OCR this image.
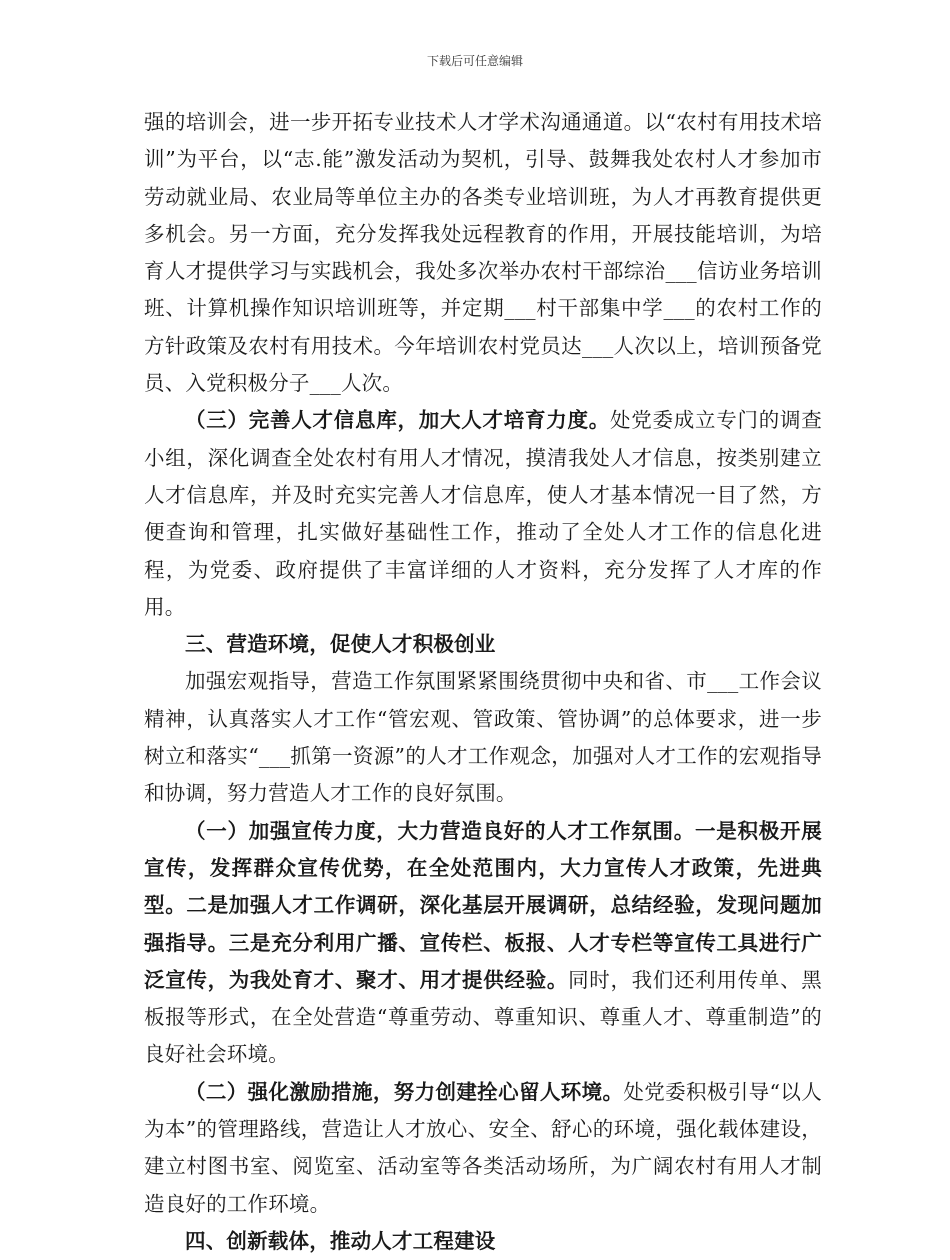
下载后可任意编辑

强的培训会，进一步开拓专业技术人才学术沟通通道。以“农村有用技术培训”为平台，以“志.能”激发活动为契机，引导、鼓舞我处农村人才参加市劳动就业局、农业局等单位主办的各类专业培训班，为人才再教育提供更多机会。另一方面，充分发挥我处远程教育的作用，开展技能培训，为培育人才提供学习与实践机会，我处多次举办农村干部综治___信访业务培训班、计算机操作知识培训班等，并定期___村干部集中学___的农村工作的方针政策及农村有用技术。今年培训农村党员达___人次以上，培训预备党员、入党积极分子___人次。

（三）完善人才信息库，加大人才培育力度。处党委成立专门的调查小组，深化调查全处农村有用人才情况，摸清我处人才信息，按类别建立人才信息库，并及时充实完善人才信息库，使人才基本情况一目了然，方便查询和管理，扎实做好基础性工作，推动了全处人才工作的信息化进程，为党委、政府提供了丰富详细的人才资料，充分发挥了人才库的作用。

三、营造环境，促使人才积极创业

加强宏观指导，营造工作氛围紧紧围绕贯彻中央和省、市___工作会议精神，认真落实人才工作“管宏观、管政策、管协调”的总体要求，进一步树立和落实“___抓第一资源”的人才工作观念，加强对人才工作的宏观指导和协调，努力营造人才工作的良好氛围。

（一）加强宣传力度，大力营造良好的人才工作氛围。一是积极开展宣传，发挥群众宣传优势，在全处范围内，大力宣传人才政策，先进典型。二是加强人才工作调研，深化基层开展调研，总结经验，发现问题加强指导。三是充分利用广播、宣传栏、板报、人才专栏等宣传工具进行广泛宣传，为我处育才、聚才、用才提供经验。同时，我们还利用传单、黑板报等形式，在全处营造“尊重劳动、尊重知识、尊重人才、尊重制造”的良好社会环境。

（二）强化激励措施，努力创建拴心留人环境。处党委积极引导“以人为本”的管理路线，营造让人才放心、安全、舒心的环境，强化载体建设，建立村图书室、阅览室、活动室等各类活动场所，为广阔农村有用人才制造良好的工作环境。

四、创新载体，推动人才工程建设
